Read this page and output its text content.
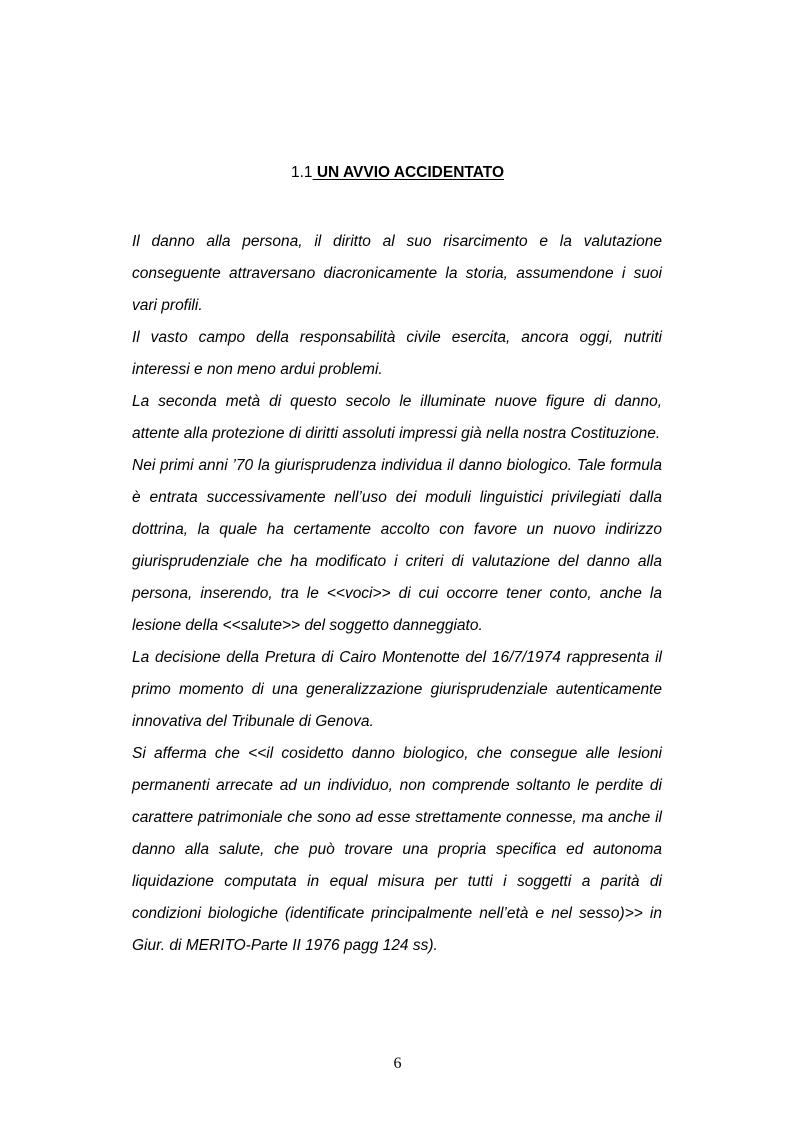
1.1 UN AVVIO ACCIDENTATO

Il danno alla persona, il diritto al suo risarcimento e la valutazione conseguente attraversano diacronicamente la storia, assumendone i suoi vari profili.

Il vasto campo della responsabilità civile esercita, ancora oggi, nutriti interessi e non meno ardui problemi.

La seconda metà di questo secolo le illuminate nuove figure di danno, attente alla protezione di diritti assoluti impressi già nella nostra Costituzione.

Nei primi anni ’70 la giurisprudenza individua il danno biologico. Tale formula è entrata successivamente nell’uso dei moduli linguistici privilegiati dalla dottrina, la quale ha certamente accolto con favore un nuovo indirizzo giurisprudenziale che ha modificato i criteri di valutazione del danno alla persona, inserendo, tra le <<voci>> di cui occorre tener conto, anche la lesione della <<salute>> del soggetto danneggiato.

La decisione della Pretura di Cairo Montenotte del 16/7/1974 rappresenta il primo momento di una generalizzazione giurisprudenziale autenticamente innovativa del Tribunale di Genova.

Si afferma che <<il cosidetto danno biologico, che consegue alle lesioni permanenti arrecate ad un individuo, non comprende soltanto le perdite di carattere patrimoniale che sono ad esse strettamente connesse, ma anche il danno alla salute, che può trovare una propria specifica ed autonoma liquidazione computata in equal misura per tutti i soggetti a parità di condizioni biologiche (identificate principalmente nell’età e nel sesso)>> in Giur. di MERITO-Parte II 1976 pagg 124 ss).

6
